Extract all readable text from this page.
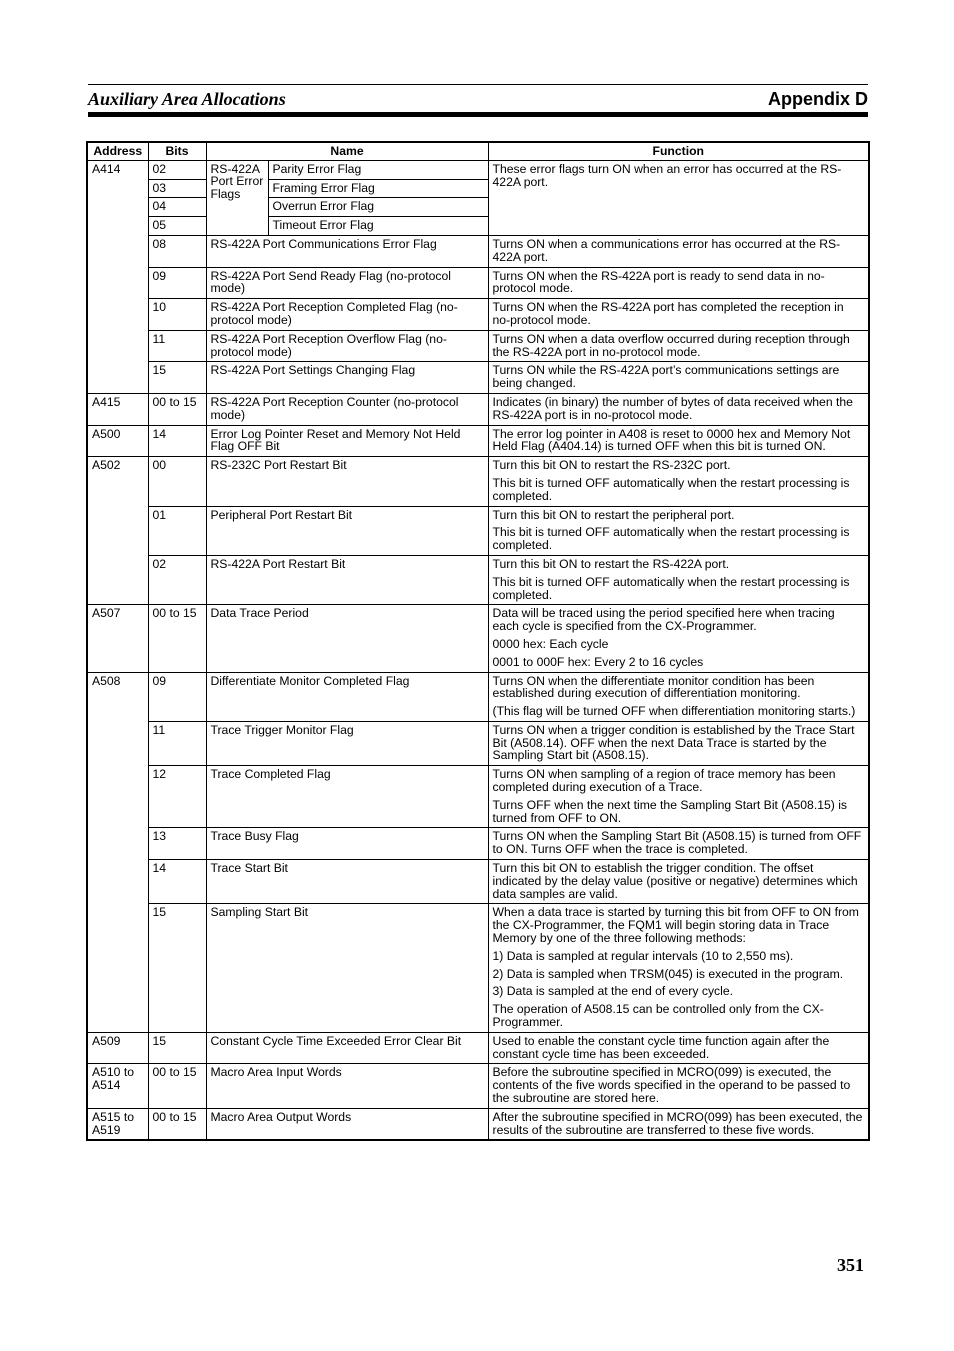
Auxiliary Area Allocations	Appendix D
Address	Bits	Name		Function
A414	02	RS-422A Port Error Flags	Parity Error Flag	These error flags turn ON when an error has occurred at the RS-422A port.

	03		Framing Error Flag	
	04		Overrun Error Flag	
	05		Timeout Error Flag	
	08	RS-422A Port Communications Error Flag		Turns ON when a communications error has occurred at the RS-422A port.

	09	RS-422A Port Send Ready Flag (no-protocol mode)		Turns ON when the RS-422A port is ready to send data in no-protocol mode.

	10	RS-422A Port Reception Completed Flag (no-protocol mode)		Turns ON when the RS-422A port has completed the reception in no-protocol mode.

	11	RS-422A Port Reception Overflow Flag (no-protocol mode)		Turns ON when a data overflow occurred during reception through the RS-422A port in no-protocol mode.

	15	RS-422A Port Settings Changing Flag		Turns ON while the RS-422A port’s communications settings are being changed.

A415	00 to 15	RS-422A Port Reception Counter (no-protocol mode)		Indicates (in binary) the number of bytes of data received when the RS-422A port is in no-protocol mode.

A500	14	Error Log Pointer Reset and Memory Not Held Flag OFF Bit		The error log pointer in A408 is reset to 0000 hex and Memory Not Held Flag (A404.14) is turned OFF when this bit is turned ON.

A502	00	RS-232C Port Restart Bit		Turn this bit ON to restart the RS-232C port.

This bit is turned OFF automatically when the restart processing is completed.

	01	Peripheral Port Restart Bit		Turn this bit ON to restart the peripheral port.

This bit is turned OFF automatically when the restart processing is completed.

	02	RS-422A Port Restart Bit		Turn this bit ON to restart the RS-422A port.

This bit is turned OFF automatically when the restart processing is completed.

A507	00 to 15	Data Trace Period		Data will be traced using the period specified here when tracing each cycle is specified from the CX-Programmer.

0000 hex: Each cycle

0001 to 000F hex: Every 2 to 16 cycles

A508	09	Differentiate Monitor Completed Flag		Turns ON when the differentiate monitor condition has been established during execution of differentiation monitoring.

(This flag will be turned OFF when differentiation monitoring starts.)

	11	Trace Trigger Monitor Flag		Turns ON when a trigger condition is established by the Trace Start Bit (A508.14). OFF when the next Data Trace is started by the Sampling Start bit (A508.15).

	12	Trace Completed Flag		Turns ON when sampling of a region of trace memory has been completed during execution of a Trace.

Turns OFF when the next time the Sampling Start Bit (A508.15) is turned from OFF to ON.

	13	Trace Busy Flag		Turns ON when the Sampling Start Bit (A508.15) is turned from OFF to ON. Turns OFF when the trace is completed.

	14	Trace Start Bit		Turn this bit ON to establish the trigger condition. The offset indicated by the delay value (positive or negative) determines which data samples are valid.

	15	Sampling Start Bit		When a data trace is started by turning this bit from OFF to ON from the CX-Programmer, the FQM1 will begin storing data in Trace Memory by one of the three following methods:

1) Data is sampled at regular intervals (10 to 2,550 ms).

2) Data is sampled when TRSM(045) is executed in the program.

3) Data is sampled at the end of every cycle.

The operation of A508.15 can be controlled only from the CX-Programmer.

A509	15	Constant Cycle Time Exceeded Error Clear Bit		Used to enable the constant cycle time function again after the constant cycle time has been exceeded.

A510 to A514	00 to 15	Macro Area Input Words		Before the subroutine specified in MCRO(099) is executed, the contents of the five words specified in the operand to be passed to the subroutine are stored here.

A515 to A519	00 to 15	Macro Area Output Words		After the subroutine specified in MCRO(099) has been executed, the results of the subroutine are transferred to these five words.

351
